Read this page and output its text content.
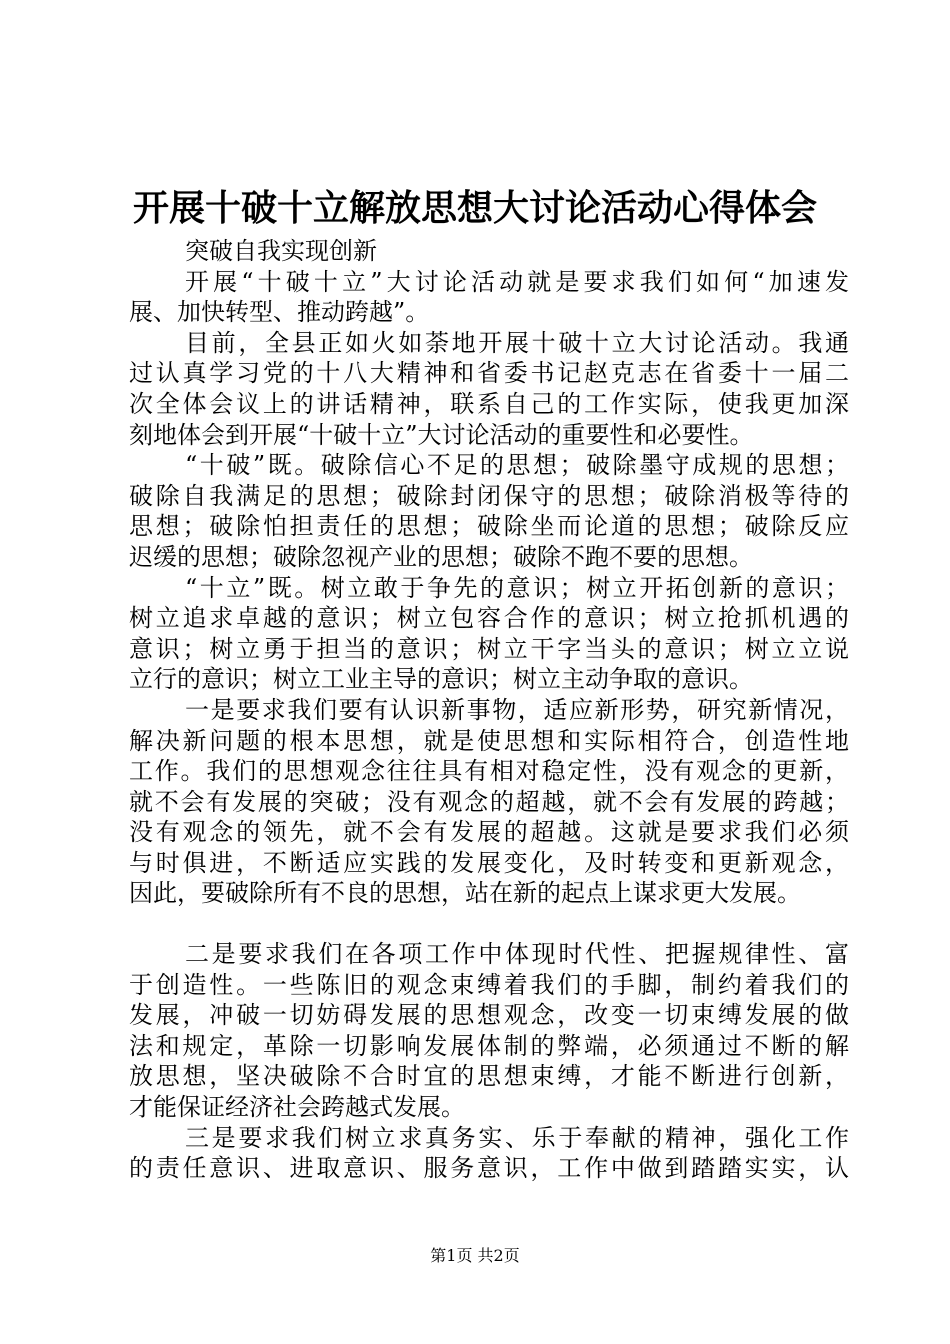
开展十破十立解放思想大讨论活动心得体会
突破自我实现创新
开展“十破十立”大讨论活动就是要求我们如何“加速发
展、加快转型、推动跨越”。
目前，全县正如火如荼地开展十破十立大讨论活动。我通
过认真学习党的十八大精神和省委书记赵克志在省委十一届二
次全体会议上的讲话精神，联系自己的工作实际，使我更加深
刻地体会到开展“十破十立”大讨论活动的重要性和必要性。
“十破”既。破除信心不足的思想；破除墨守成规的思想；
破除自我满足的思想；破除封闭保守的思想；破除消极等待的
思想；破除怕担责任的思想；破除坐而论道的思想；破除反应
迟缓的思想；破除忽视产业的思想；破除不跑不要的思想。
“十立”既。树立敢于争先的意识；树立开拓创新的意识；
树立追求卓越的意识；树立包容合作的意识；树立抢抓机遇的
意识；树立勇于担当的意识；树立干字当头的意识；树立立说
立行的意识；树立工业主导的意识；树立主动争取的意识。
一是要求我们要有认识新事物，适应新形势，研究新情况，
解决新问题的根本思想，就是使思想和实际相符合，创造性地
工作。我们的思想观念往往具有相对稳定性，没有观念的更新，
就不会有发展的突破；没有观念的超越，就不会有发展的跨越；
没有观念的领先，就不会有发展的超越。这就是要求我们必须
与时俱进，不断适应实践的发展变化，及时转变和更新观念，
因此，要破除所有不良的思想，站在新的起点上谋求更大发展。
二是要求我们在各项工作中体现时代性、把握规律性、富
于创造性。一些陈旧的观念束缚着我们的手脚，制约着我们的
发展，冲破一切妨碍发展的思想观念，改变一切束缚发展的做
法和规定，革除一切影响发展体制的弊端，必须通过不断的解
放思想，坚决破除不合时宜的思想束缚，才能不断进行创新，
才能保证经济社会跨越式发展。
三是要求我们树立求真务实、乐于奉献的精神，强化工作
的责任意识、进取意识、服务意识，工作中做到踏踏实实，认
第1页 共2页
